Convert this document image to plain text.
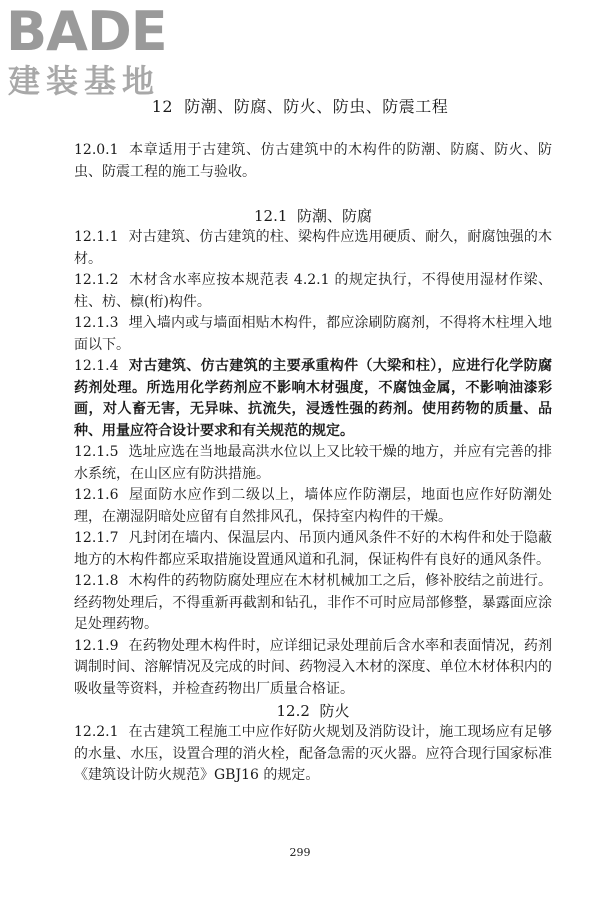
BADE
建装基地
12 防潮、防腐、防火、防虫、防震工程

12.0.1 本章适用于古建筑、仿古建筑中的木构件的防潮、防腐、防火、防虫、防震工程的施工与验收。

12.1 防潮、防腐

12.1.1 对古建筑、仿古建筑的柱、梁构件应选用硬质、耐久，耐腐蚀强的木材。

12.1.2 木材含水率应按本规范表 4.2.1 的规定执行，不得使用湿材作梁、柱、枋、檩(桁)构件。

12.1.3 埋入墙内或与墙面相贴木构件，都应涂刷防腐剂，不得将木柱埋入地面以下。

12.1.4 对古建筑、仿古建筑的主要承重构件（大梁和柱），应进行化学防腐药剂处理。所选用化学药剂应不影响木材强度，不腐蚀金属，不影响油漆彩画，对人畜无害，无异味、抗流失，浸透性强的药剂。使用药物的质量、品种、用量应符合设计要求和有关规范的规定。

12.1.5 选址应选在当地最高洪水位以上又比较干燥的地方，并应有完善的排水系统，在山区应有防洪措施。

12.1.6 屋面防水应作到二级以上，墙体应作防潮层，地面也应作好防潮处理，在潮湿阴暗处应留有自然排风孔，保持室内构件的干燥。

12.1.7 凡封闭在墙内、保温层内、吊顶内通风条件不好的木构件和处于隐蔽地方的木构件都应采取措施设置通风道和孔洞，保证构件有良好的通风条件。

12.1.8 木构件的药物防腐处理应在木材机械加工之后，修补胶结之前进行。经药物处理后，不得重新再截割和钻孔，非作不可时应局部修整，暴露面应涂足处理药物。

12.1.9 在药物处理木构件时，应详细记录处理前后含水率和表面情况，药剂调制时间、溶解情况及完成的时间、药物浸入木材的深度、单位木材体积内的吸收量等资料，并检查药物出厂质量合格证。

12.2 防火

12.2.1 在古建筑工程施工中应作好防火规划及消防设计，施工现场应有足够的水量、水压，设置合理的消火栓，配备急需的灭火器。应符合现行国家标准《建筑设计防火规范》GBJ16 的规定。

299
